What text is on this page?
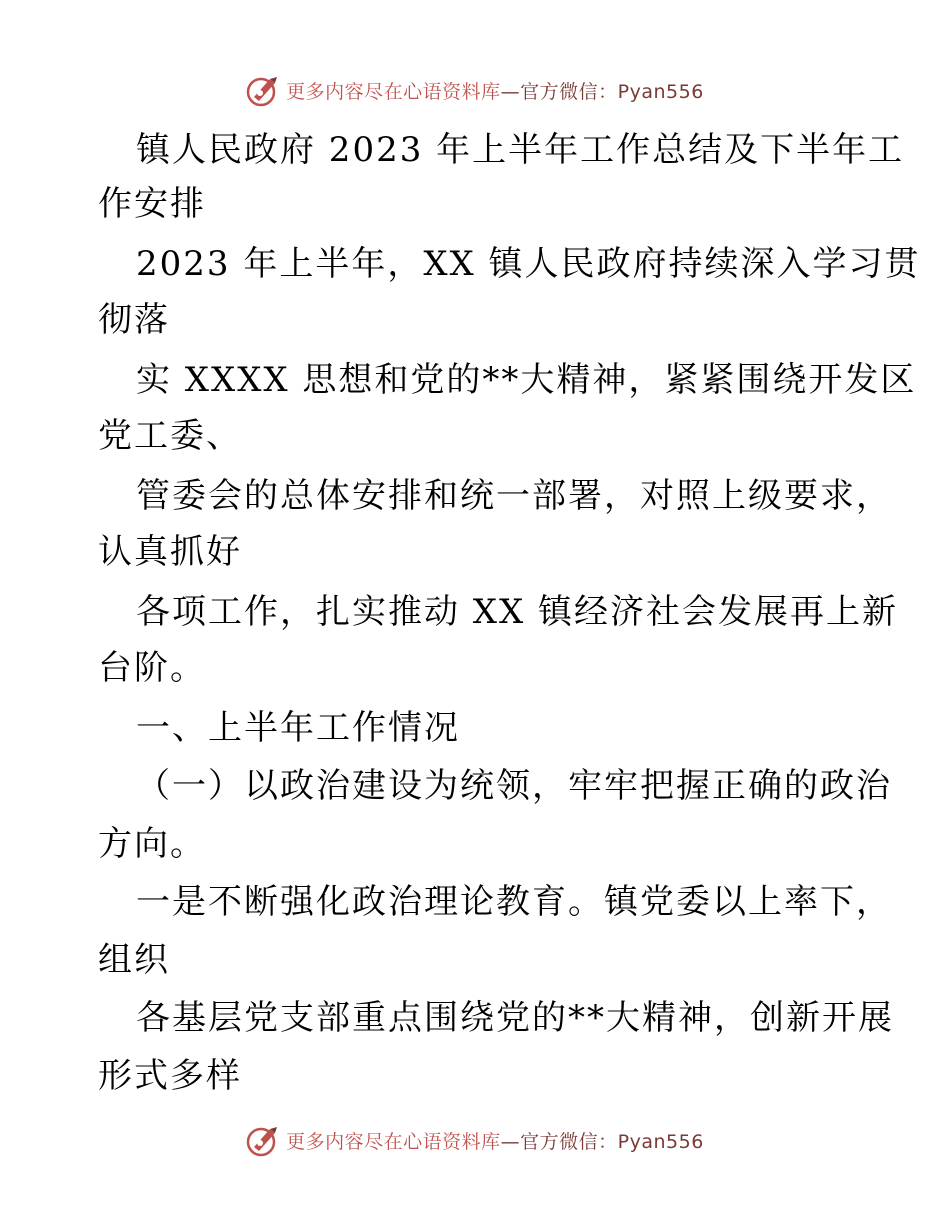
更多内容尽在心语资料库—官方微信：Pyan556
镇人民政府 2023 年上半年工作总结及下半年工
作安排
2023 年上半年，XX 镇人民政府持续深入学习贯
彻落
实 XXXX 思想和党的**大精神，紧紧围绕开发区
党工委、
管委会的总体安排和统一部署，对照上级要求，
认真抓好
各项工作，扎实推动 XX 镇经济社会发展再上新
台阶。
一、上半年工作情况
（一）以政治建设为统领，牢牢把握正确的政治
方向。
一是不断强化政治理论教育。镇党委以上率下，
组织
各基层党支部重点围绕党的**大精神，创新开展
形式多样
更多内容尽在心语资料库—官方微信：Pyan556
